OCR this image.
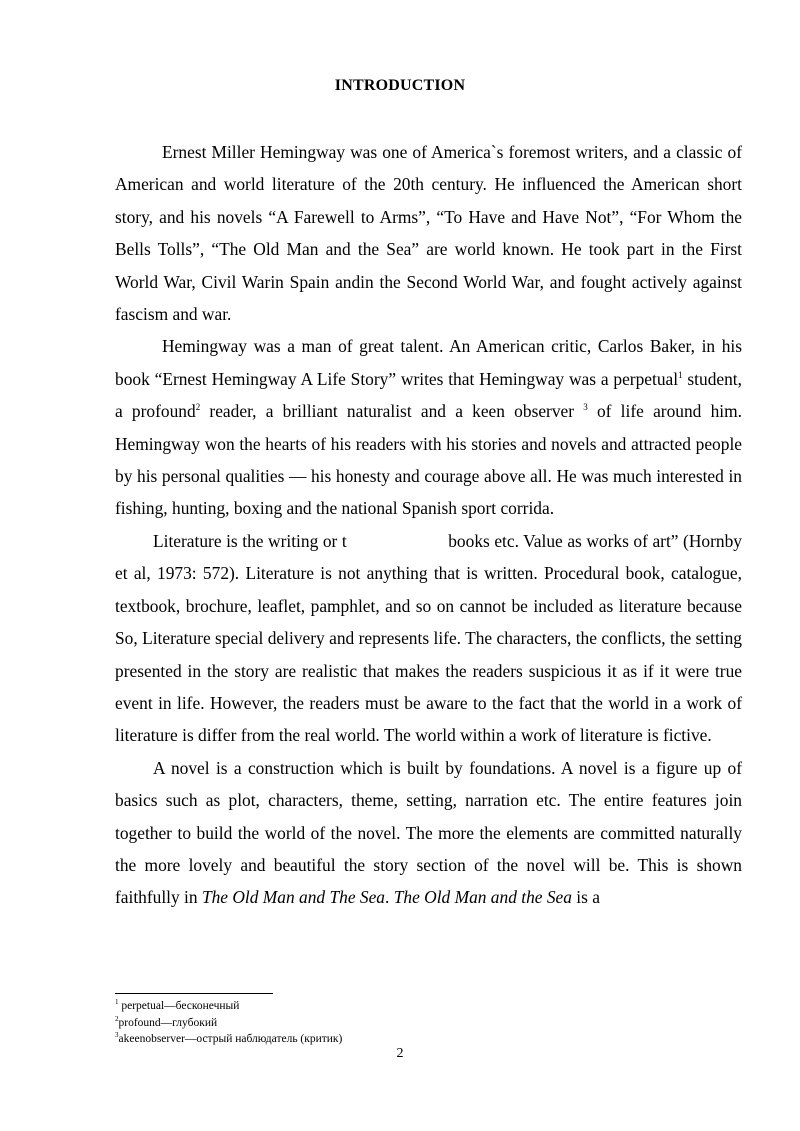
INTRODUCTION

Ernest Miller Hemingway was one of America`s foremost writers, and a classic of American and world literature of the 20th century. He influenced the American short story, and his novels “A Farewell to Arms”, “To Have and Have Not”, “For Whom the Bells Tolls”, “The Old Man and the Sea” are world known. He took part in the First World War, Civil Warin Spain andin the Second World War, and fought actively against fascism and war.

Hemingway was a man of great talent. An American critic, Carlos Baker, in his book “Ernest Hemingway A Life Story” writes that Hemingway was a perpetual$^1$ student, a profound$^2$ reader, a brilliant naturalist and a keen observer $^3$ of life around him. Hemingway won the hearts of his readers with his stories and novels and attracted people by his personal qualities — his honesty and courage above all. He was much interested in fishing, hunting, boxing and the national Spanish sport corrida.

Literature is the writing or the printed in bbooks etc. Value as works of art” (Hornby et al, 1973: 572). Literature is not anything that is written. Procedural book, catalogue, textbook, brochure, leaflet, pamphlet, and so on cannot be included as literature because So, Literature special delivery and represents life. The characters, the conflicts, the setting presented in the story are realistic that makes the readers suspicious it as if it were true event in life. However, the readers must be aware to the fact that the world in a work of literature is differ from the real world. The world within a work of literature is fictive.

A novel is a construction which is built by foundations. A novel is a figure up of basics such as plot, characters, theme, setting, narration etc. The entire features join together to build the world of the novel. The more the elements are committed naturally the more lovely and beautiful the story section of the novel will be. This is shown faithfully in The Old Man and The Sea. The Old Man and the Sea is a

$^1$ perpetual—бесконечный
$^2$profound—глубокий
$^3$akeenobserver—острый наблюдатель (критик)
2
